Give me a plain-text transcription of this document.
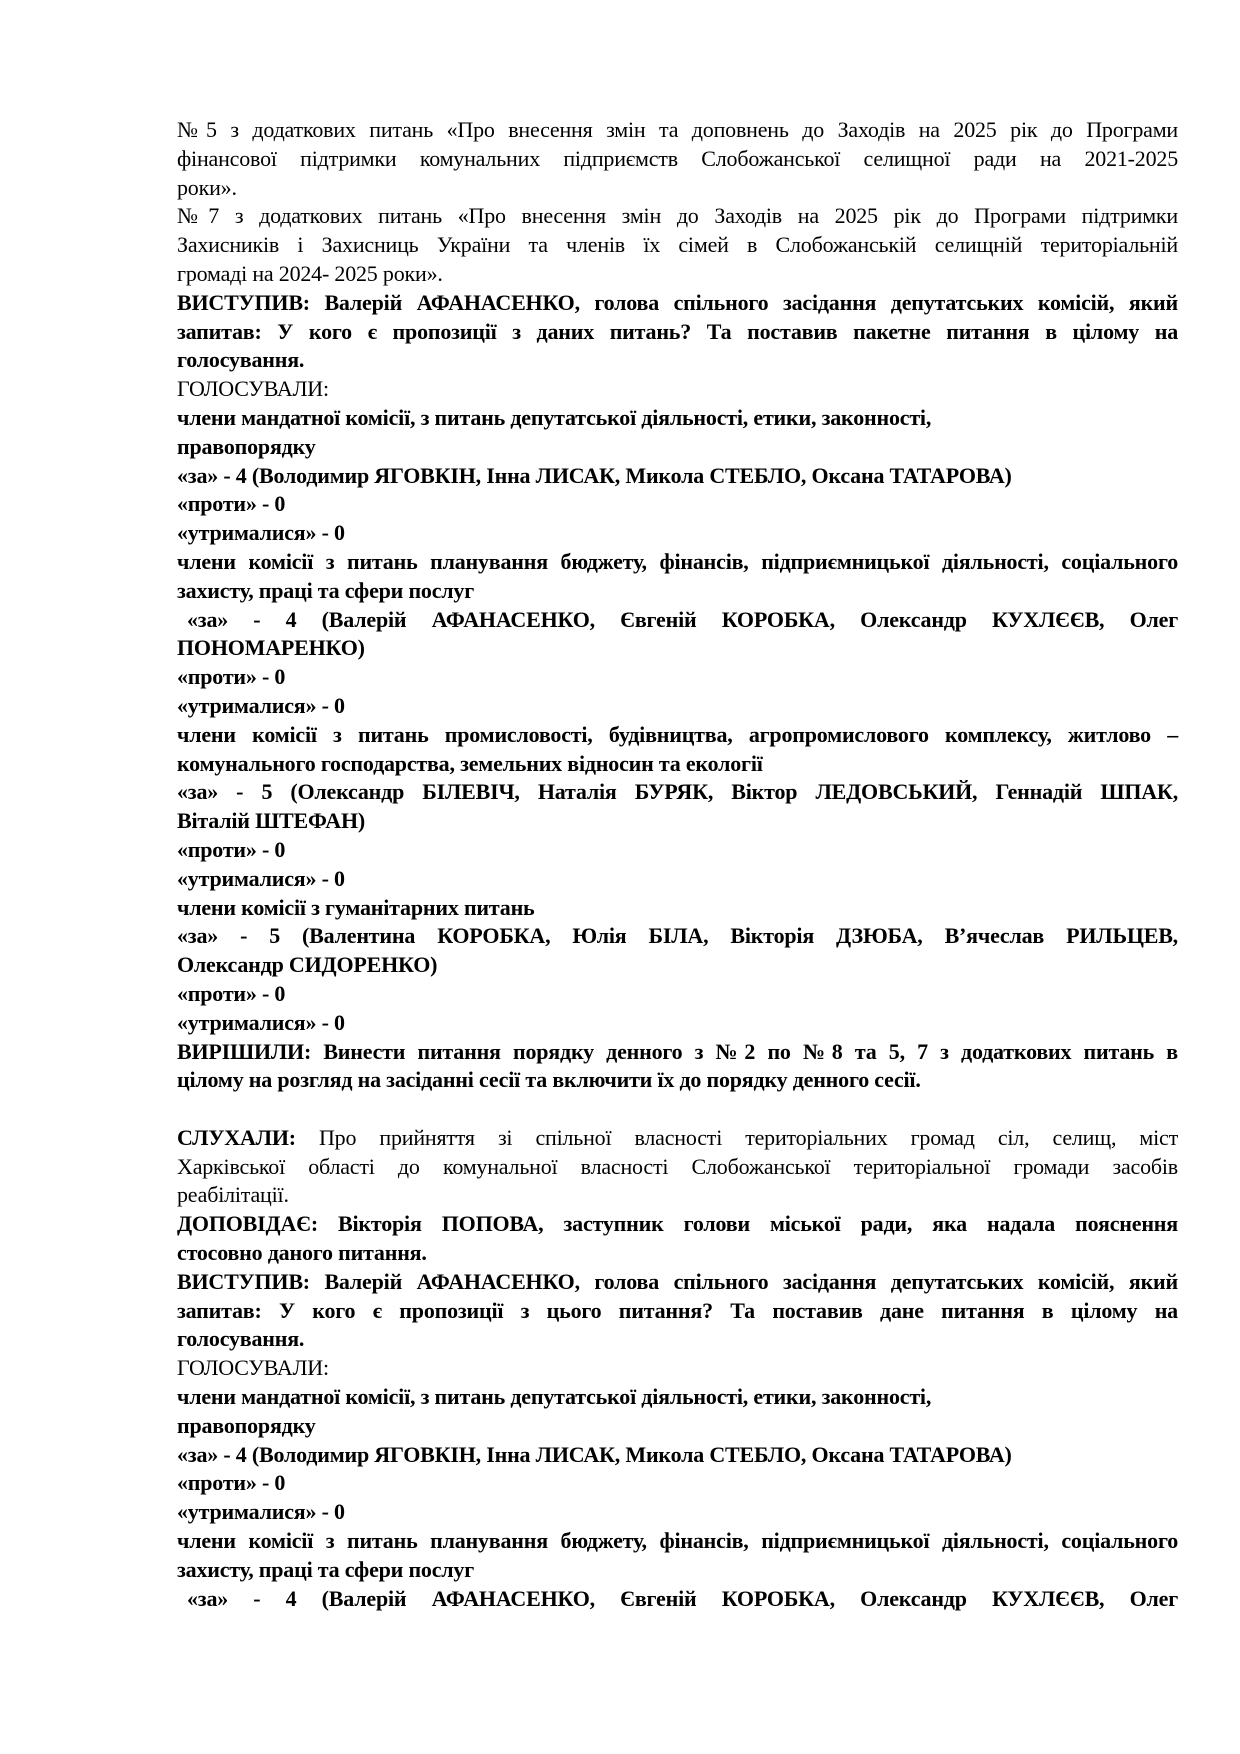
№5 з додаткових питань «Про внесення змін та доповнень до Заходів на 2025 рік до Програми
фінансової підтримки комунальних підприємств Слобожанської селищної ради на 2021-2025
роки».
№7 з додаткових питань «Про внесення змін до Заходів на 2025 рік до Програми підтримки
Захисників і Захисниць України та членів їх сімей в Слобожанській селищній територіальній
громаді на 2024- 2025 роки».
ВИСТУПИВ: Валерій АФАНАСЕНКО, голова спільного засідання депутатських комісій, який
запитав: У кого є пропозиції з даних питань? Та поставив пакетне питання в цілому на
голосування.
ГОЛОСУВАЛИ:
члени мандатної комісії, з питань депутатської діяльності, етики, законності,
правопорядку
«за» - 4 (Володимир ЯГОВКІН, Інна ЛИСАК, Микола СТЕБЛО, Оксана ТАТАРОВА)
«проти» - 0
«утрималися» - 0
члени комісії з питань планування бюджету, фінансів, підприємницької діяльності, соціального
захисту, праці та сфери послуг
«за» - 4 (Валерій АФАНАСЕНКО, Євгеній КОРОБКА, Олександр КУХЛЄЄВ, Олег
ПОНОМАРЕНКО)
«проти» - 0
«утрималися» - 0
члени комісії з питань промисловості, будівництва, агропромислового комплексу, житлово –
комунального господарства, земельних відносин та екології
«за» - 5 (Олександр БІЛЕВІЧ, Наталія БУРЯК, Віктор ЛЕДОВСЬКИЙ, Геннадій ШПАК,
Віталій ШТЕФАН)
«проти» - 0
«утрималися» - 0
члени комісії з гуманітарних питань
«за» - 5 (Валентина КОРОБКА, Юлія БІЛА, Вікторія ДЗЮБА, В’ячеслав РИЛЬЦЕВ,
Олександр СИДОРЕНКО)
«проти» - 0
«утрималися» - 0
ВИРІШИЛИ: Винести питання порядку денного з №2 по №8 та 5, 7 з додаткових питань в
цілому на розгляд на засіданні сесії та включити їх до порядку денного сесії.
СЛУХАЛИ: Про прийняття зі спільної власності територіальних громад сіл, селищ, міст
Харківської області до комунальної власності Слобожанської територіальної громади засобів
реабілітації.
ДОПОВІДАЄ: Вікторія ПОПОВА, заступник голови міської ради, яка надала пояснення
стосовно даного питання.
ВИСТУПИВ: Валерій АФАНАСЕНКО, голова спільного засідання депутатських комісій, який
запитав: У кого є пропозиції з цього питання? Та поставив дане питання в цілому на
голосування.
ГОЛОСУВАЛИ:
члени мандатної комісії, з питань депутатської діяльності, етики, законності,
правопорядку
«за» - 4 (Володимир ЯГОВКІН, Інна ЛИСАК, Микола СТЕБЛО, Оксана ТАТАРОВА)
«проти» - 0
«утрималися» - 0
члени комісії з питань планування бюджету, фінансів, підприємницької діяльності, соціального
захисту, праці та сфери послуг
«за» - 4 (Валерій АФАНАСЕНКО, Євгеній КОРОБКА, Олександр КУХЛЄЄВ, Олег
